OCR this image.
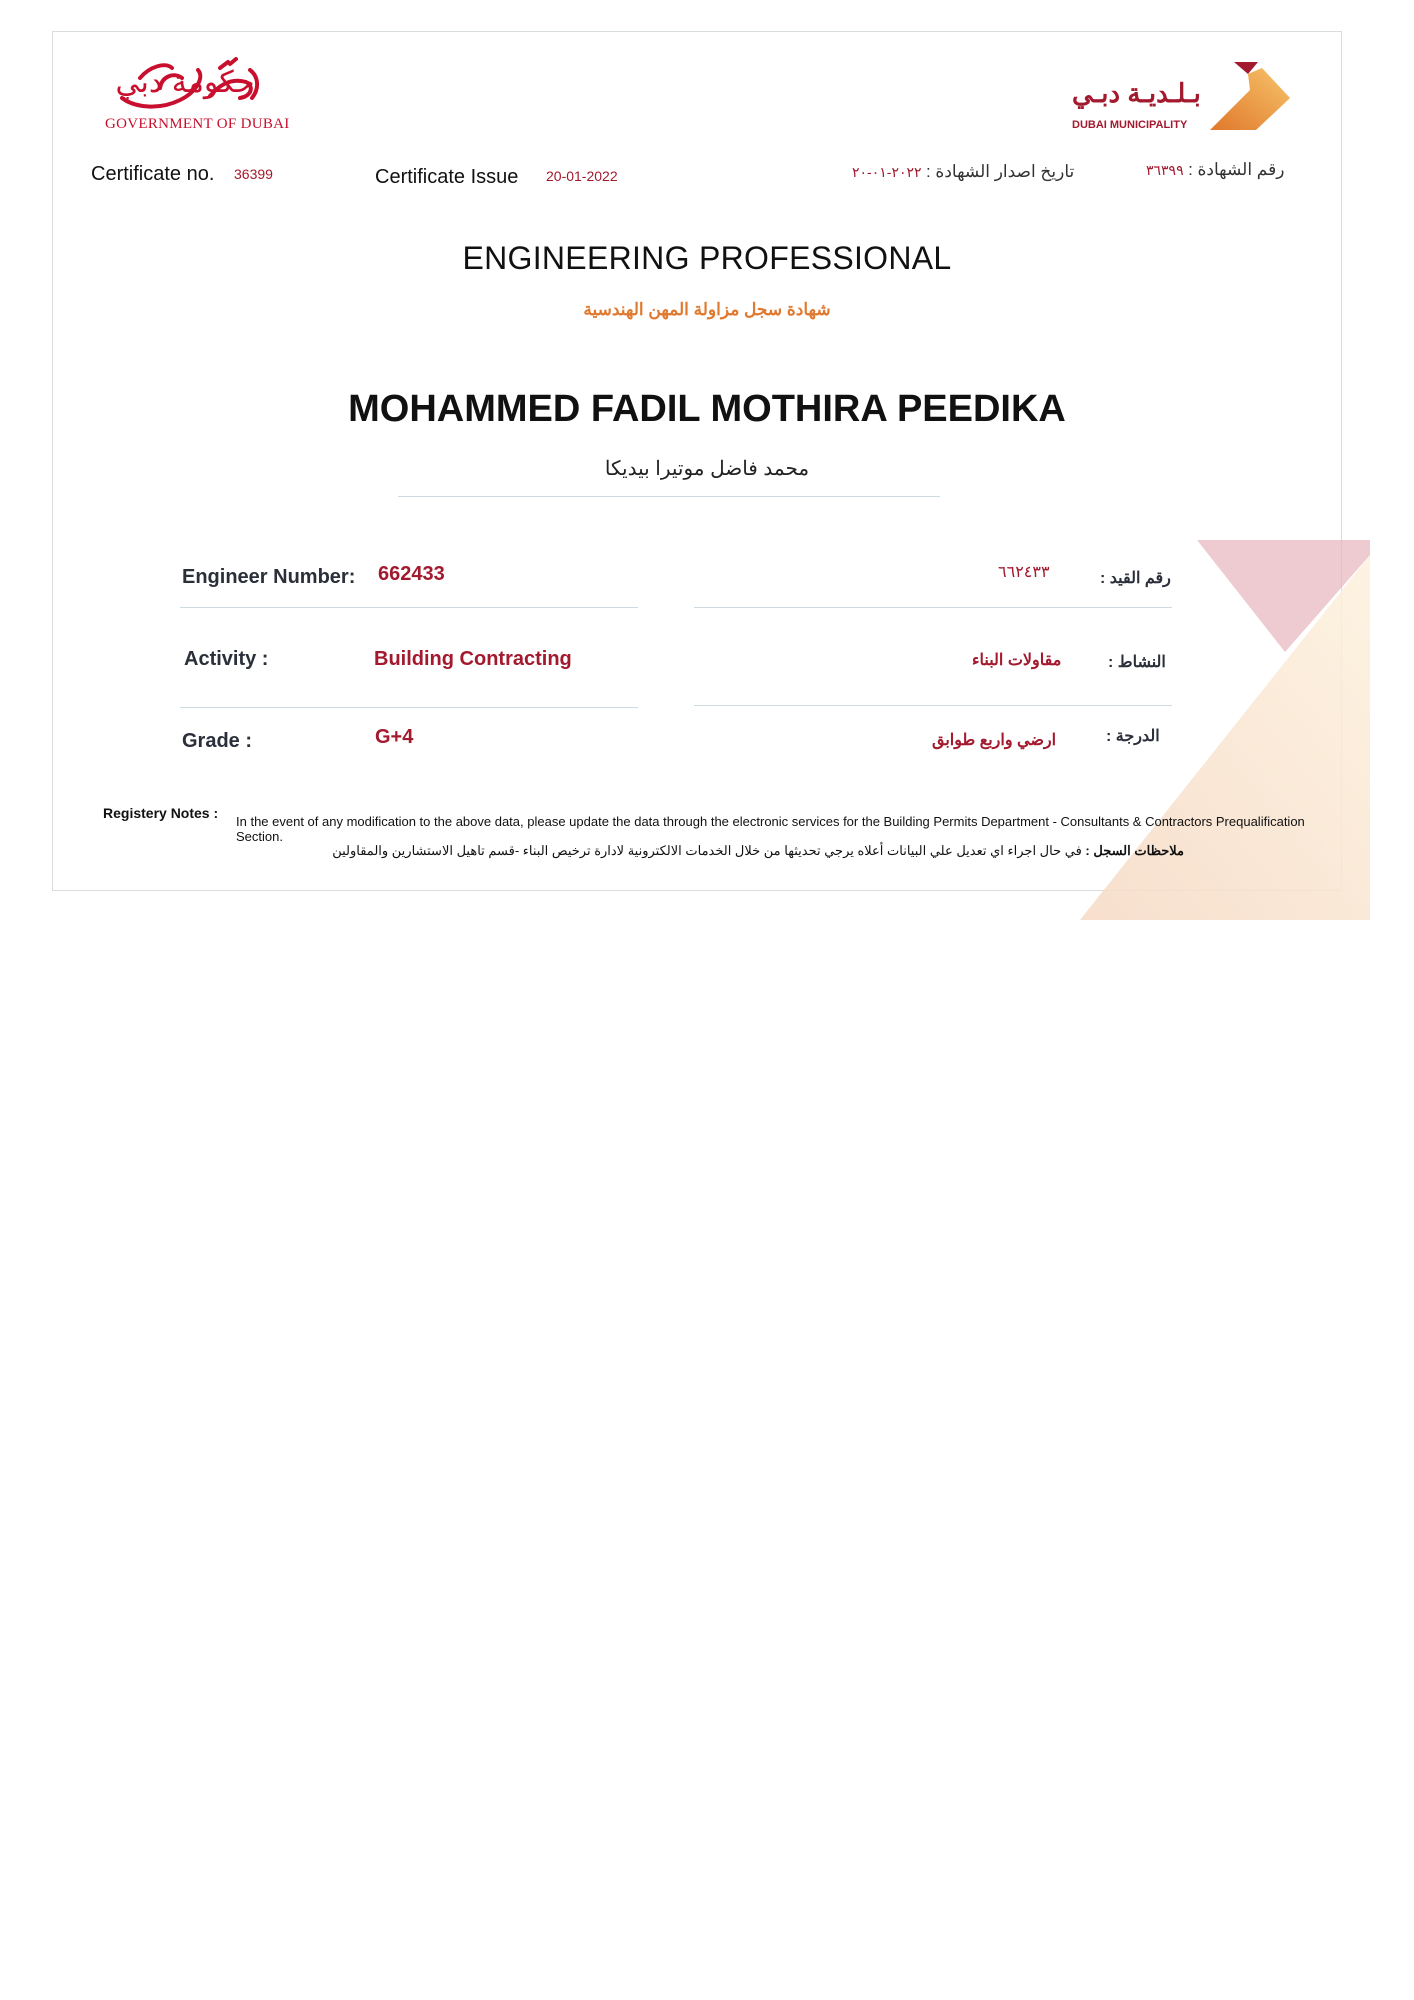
حكومة دبي
GOVERNMENT OF DUBAI
بـلـديـة دبـي
DUBAI MUNICIPALITY
Certificate no. 36399	Certificate Issue 20-01-2022	تاريخ اصدار الشهادة : ٢٠٢٢-٠١-٢٠	رقم الشهادة : ٣٦٣٩٩
ENGINEERING PROFESSIONAL
شهادة سجل مزاولة المهن الهندسية
MOHAMMED FADIL MOTHIRA PEEDIKA
محمد فاضل موتيرا بيديكا
Engineer Number: 662433	٦٦٢٤٣٣	رقم القيد :
Activity :	Building Contracting	مقاولات البناء	النشاط :
Grade :	G+4	ارضي واربع طوابق	الدرجة :
Registery Notes :
In the event of any modification to the above data, please update the data through the electronic services for the Building Permits Department - Consultants & Contractors Prequalification Section.
ملاحظات السجل : في حال اجراء اي تعديل علي البيانات أعلاه يرجي تحديثها من خلال الخدمات الالكترونية لادارة ترخيص البناء -قسم تاهيل الاستشارين والمقاولين
